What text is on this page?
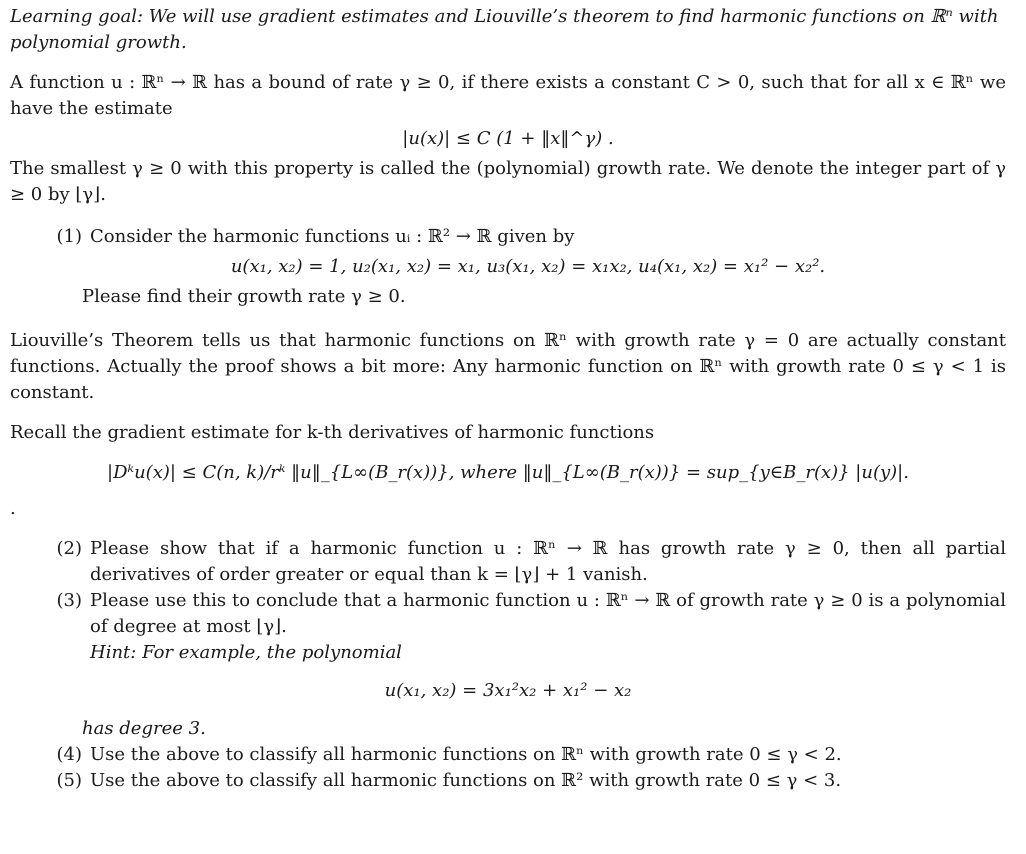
Learning goal: We will use gradient estimates and Liouville’s theorem to find harmonic functions on ℝⁿ with polynomial growth.

A function u : ℝⁿ → ℝ has a bound of rate γ ≥ 0, if there exists a constant C > 0, such that for all x ∈ ℝⁿ we have the estimate

|u(x)| ≤ C (1 + ‖x‖^γ) .

The smallest γ ≥ 0 with this property is called the (polynomial) growth rate. We denote the integer part of γ ≥ 0 by ⌊γ⌋.

(1) Consider the harmonic functions uᵢ : ℝ² → ℝ given by

u(x₁, x₂) = 1, u₂(x₁, x₂) = x₁, u₃(x₁, x₂) = x₁x₂, u₄(x₁, x₂) = x₁² − x₂².

Please find their growth rate γ ≥ 0.

Liouville’s Theorem tells us that harmonic functions on ℝⁿ with growth rate γ = 0 are actually constant functions. Actually the proof shows a bit more: Any harmonic function on ℝⁿ with growth rate 0 ≤ γ < 1 is constant.

Recall the gradient estimate for k-th derivatives of harmonic functions

|Dᵏu(x)| ≤ C(n, k)/rᵏ ‖u‖_{L∞(B_r(x))}, where ‖u‖_{L∞(B_r(x))} = sup_{y∈B_r(x)} |u(y)|.

.

(2) Please show that if a harmonic function u : ℝⁿ → ℝ has growth rate γ ≥ 0, then all partial derivatives of order greater or equal than k = ⌊γ⌋ + 1 vanish.

(3) Please use this to conclude that a harmonic function u : ℝⁿ → ℝ of growth rate γ ≥ 0 is a polynomial of degree at most ⌊γ⌋.

Hint: For example, the polynomial

u(x₁, x₂) = 3x₁²x₂ + x₁² − x₂

has degree 3.

(4) Use the above to classify all harmonic functions on ℝⁿ with growth rate 0 ≤ γ < 2.

(5) Use the above to classify all harmonic functions on ℝ² with growth rate 0 ≤ γ < 3.
